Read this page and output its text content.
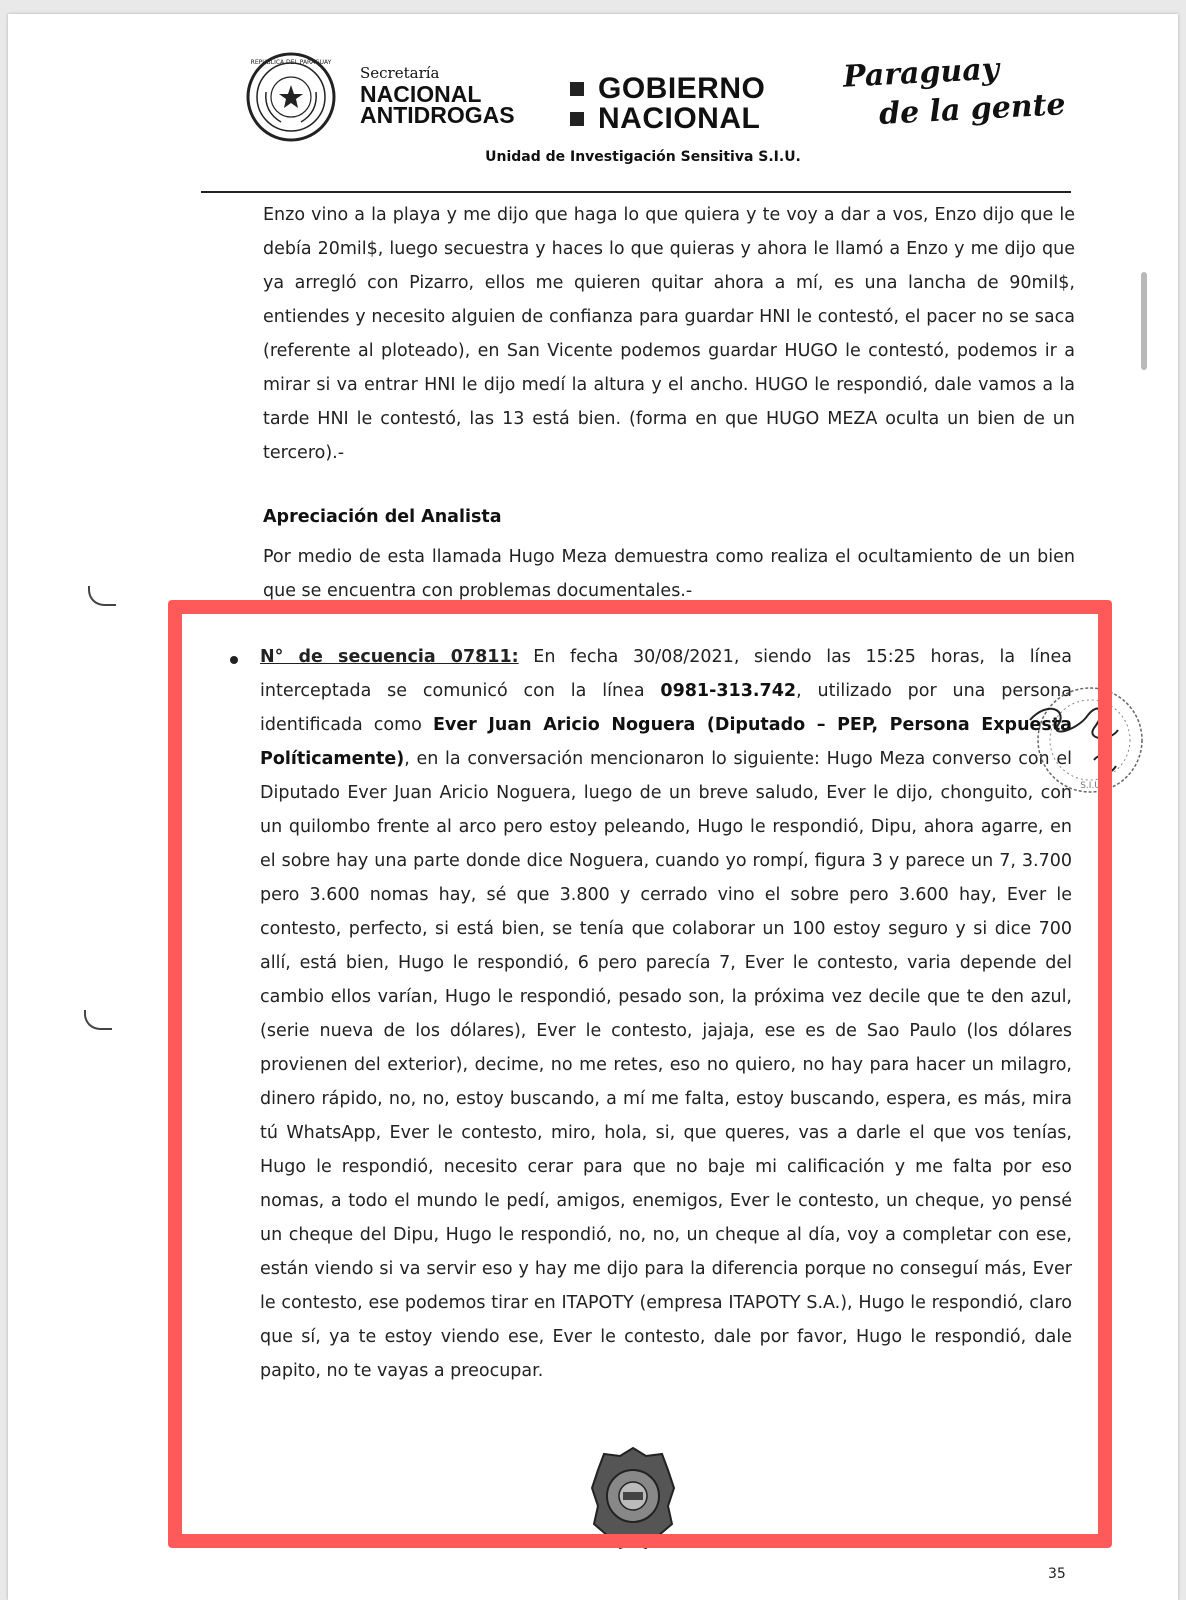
REPUBLICA DEL PARAGUAY
Secretaría
NACIONAL
ANTIDROGAS
GOBIERNO
NACIONAL
Paraguay
de la gente
Unidad de Investigación Sensitiva S.I.U.

Enzo vino a la playa y me dijo que haga lo que quiera y te voy a dar a vos, Enzo dijo que le debía 20mil$, luego secuestra y haces lo que quieras y ahora le llamó a Enzo y me dijo que ya arregló con Pizarro, ellos me quieren quitar ahora a mí, es una lancha de 90mil$, entiendes y necesito alguien de confianza para guardar HNI le contestó, el pacer no se saca (referente al ploteado), en San Vicente podemos guardar HUGO le contestó, podemos ir a mirar si va entrar HNI le dijo medí la altura y el ancho. HUGO le respondió, dale vamos a la tarde HNI le contestó, las 13 está bien. (forma en que HUGO MEZA oculta un bien de un tercero).-

Apreciación del Analista

Por medio de esta llamada Hugo Meza demuestra como realiza el ocultamiento de un bien que se encuentra con problemas documentales.-

N° de secuencia 07811: En fecha 30/08/2021, siendo las 15:25 horas, la línea interceptada se comunicó con la línea 0981-313.742, utilizado por una persona identificada como Ever Juan Aricio Noguera (Diputado – PEP, Persona Expuesta Políticamente), en la conversación mencionaron lo siguiente: Hugo Meza converso con el Diputado Ever Juan Aricio Noguera, luego de un breve saludo, Ever le dijo, chonguito, con un quilombo frente al arco pero estoy peleando, Hugo le respondió, Dipu, ahora agarre, en el sobre hay una parte donde dice Noguera, cuando yo rompí, figura 3 y parece un 7, 3.700 pero 3.600 nomas hay, sé que 3.800 y cerrado vino el sobre pero 3.600 hay, Ever le contesto, perfecto, si está bien, se tenía que colaborar un 100 estoy seguro y si dice 700 allí, está bien, Hugo le respondió, 6 pero parecía 7, Ever le contesto, varia depende del cambio ellos varían, Hugo le respondió, pesado son, la próxima vez decile que te den azul, (serie nueva de los dólares), Ever le contesto, jajaja, ese es de Sao Paulo (los dólares provienen del exterior), decime, no me retes, eso no quiero, no hay para hacer un milagro, dinero rápido, no, no, estoy buscando, a mí me falta, estoy buscando, espera, es más, mira tú WhatsApp, Ever le contesto, miro, hola, si, que queres, vas a darle el que vos tenías, Hugo le respondió, necesito cerar para que no baje mi calificación y me falta por eso nomas, a todo el mundo le pedí, amigos, enemigos, Ever le contesto, un cheque, yo pensé un cheque del Dipu, Hugo le respondió, no, no, un cheque al día, voy a completar con ese, están viendo si va servir eso y hay me dijo para la diferencia porque no conseguí más, Ever le contesto, ese podemos tirar en ITAPOTY (empresa ITAPOTY S.A.), Hugo le respondió, claro que sí, ya te estoy viendo ese, Ever le contesto, dale por favor, Hugo le respondió, dale papito, no te vayas a preocupar.

S.I.U.
35
